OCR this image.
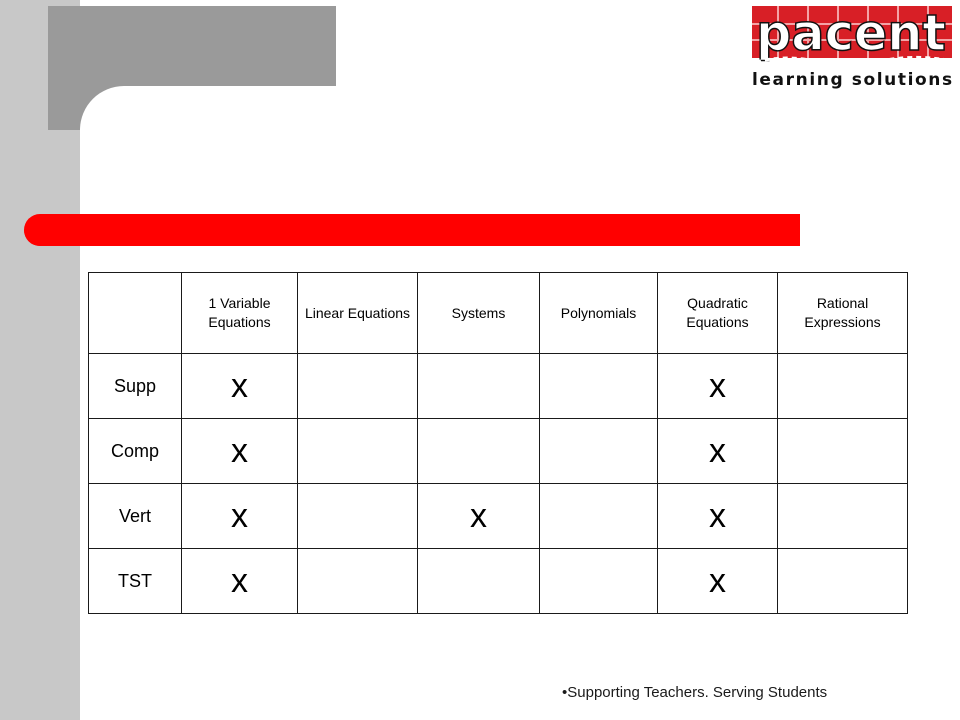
pacent
learning solutions
	1 Variable Equations	Linear Equations	Systems	Polynomials	Quadratic Equations	Rational Expressions
Supp	x				x	
Comp	x				x	
Vert	x		x		x	
TST	x				x	
•Supporting Teachers. Serving Students
